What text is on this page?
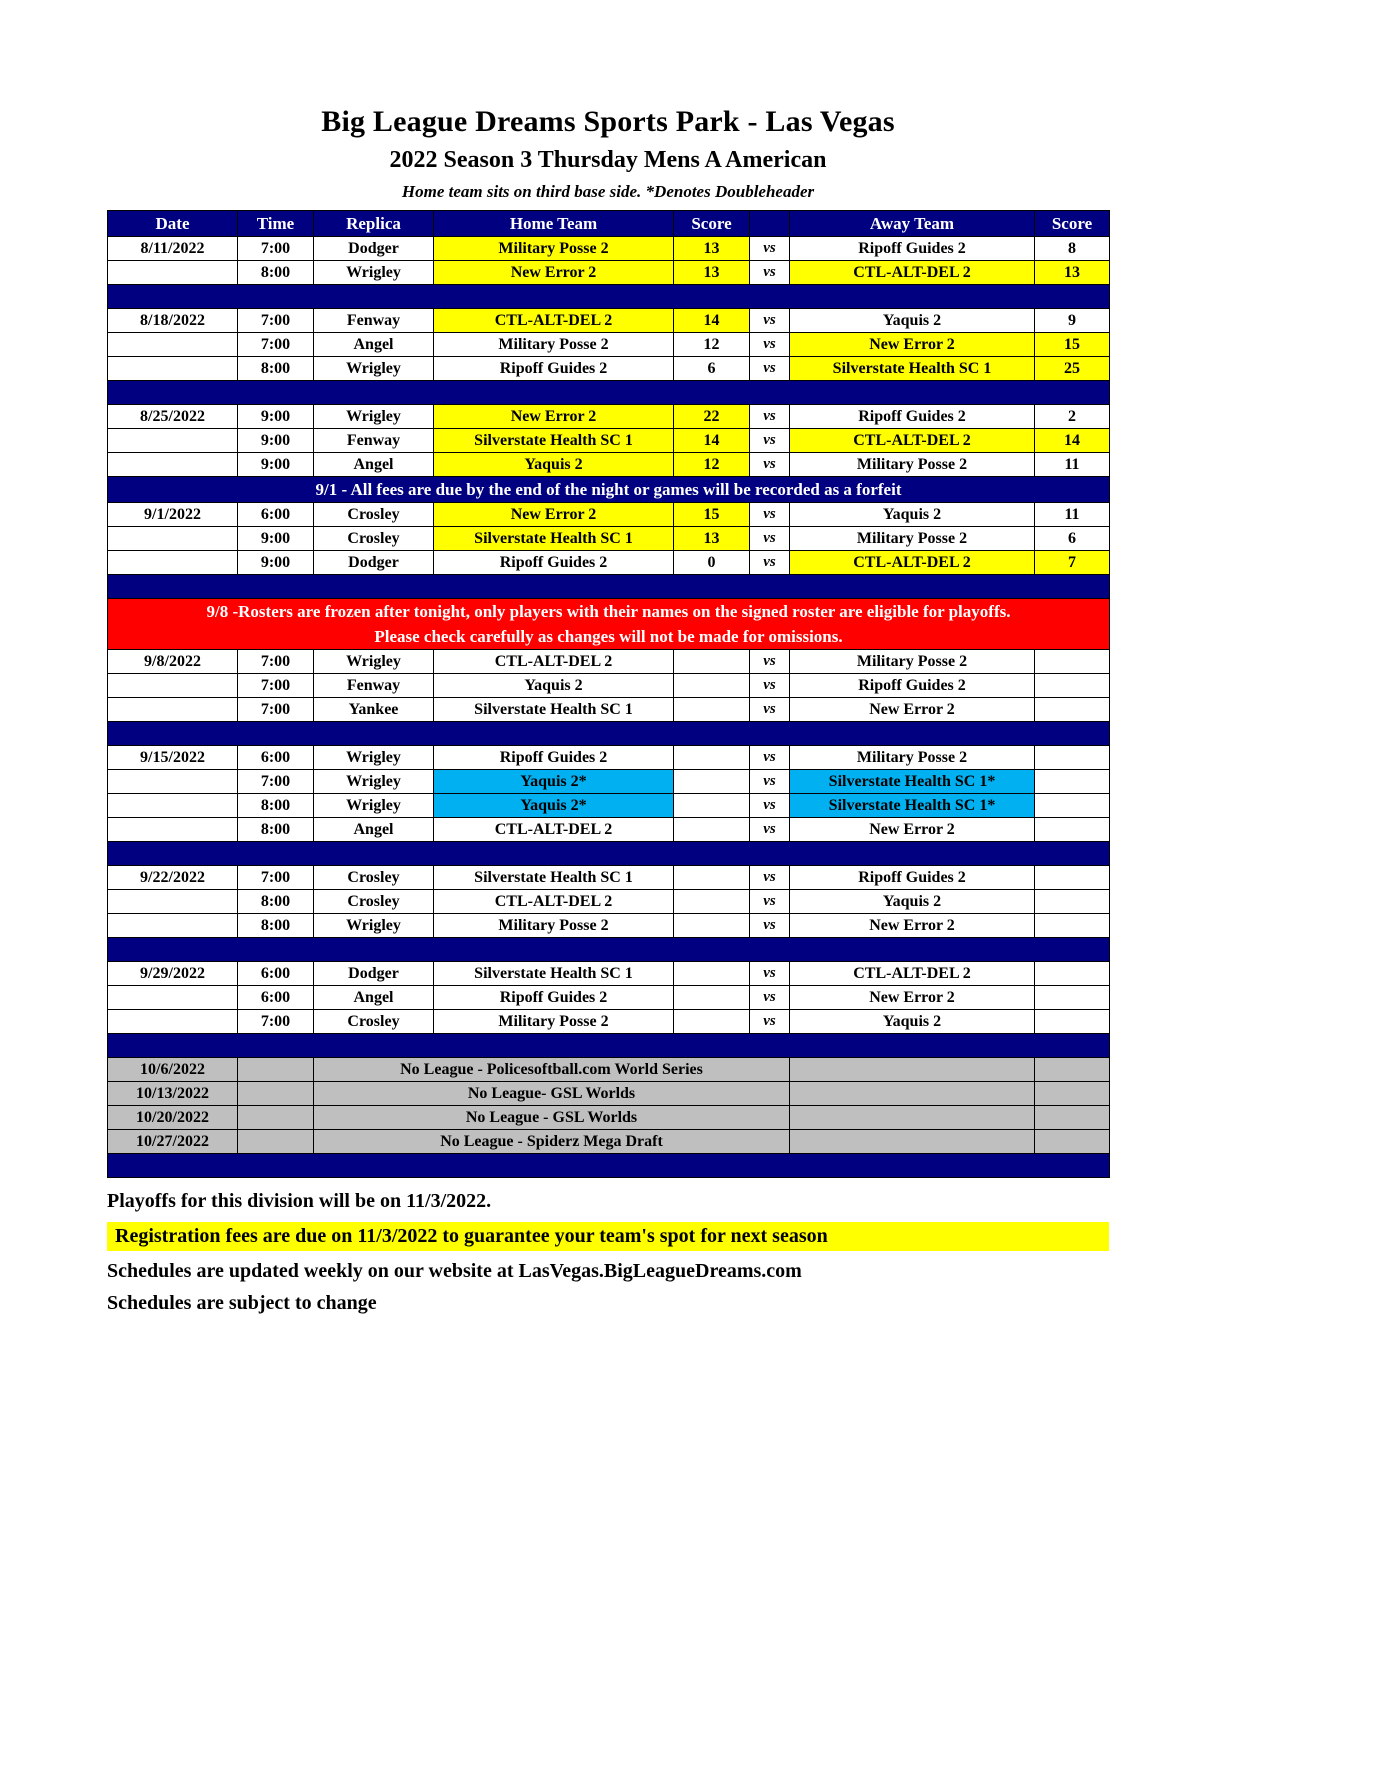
Big League Dreams Sports Park - Las Vegas
2022 Season 3 Thursday Mens A American
Home team sits on third base side. *Denotes Doubleheader
Date	Time	Replica	Home Team	Score		Away Team	Score
8/11/2022	7:00	Dodger	Military Posse 2	13	vs	Ripoff Guides 2	8
	8:00	Wrigley	New Error 2	13	vs	CTL-ALT-DEL 2	13

8/18/2022	7:00	Fenway	CTL-ALT-DEL 2	14	vs	Yaquis 2	9
	7:00	Angel	Military Posse 2	12	vs	New Error 2	15
	8:00	Wrigley	Ripoff Guides 2	6	vs	Silverstate Health SC 1	25

8/25/2022	9:00	Wrigley	New Error 2	22	vs	Ripoff Guides 2	2
	9:00	Fenway	Silverstate Health SC 1	14	vs	CTL-ALT-DEL 2	14
	9:00	Angel	Yaquis 2	12	vs	Military Posse 2	11

9/1 - All fees are due by the end of the night or games will be recorded as a forfeit							

9/1/2022	6:00	Crosley	New Error 2	15	vs	Yaquis 2	11
	9:00	Crosley	Silverstate Health SC 1	13	vs	Military Posse 2	6
	9:00	Dodger	Ripoff Guides 2	0	vs	CTL-ALT-DEL 2	7

9/8 -Rosters are frozen after tonight, only players with their names on the signed roster are eligible for playoffs.
Please check carefully as changes will not be made for omissions.							

9/8/2022	7:00	Wrigley	CTL-ALT-DEL 2		vs	Military Posse 2	
	7:00	Fenway	Yaquis 2		vs	Ripoff Guides 2	
	7:00	Yankee	Silverstate Health SC 1		vs	New Error 2	

9/15/2022	6:00	Wrigley	Ripoff Guides 2		vs	Military Posse 2	
	7:00	Wrigley	Yaquis 2*		vs	Silverstate Health SC 1*	
	8:00	Wrigley	Yaquis 2*		vs	Silverstate Health SC 1*	
	8:00	Angel	CTL-ALT-DEL 2		vs	New Error 2	

9/22/2022	7:00	Crosley	Silverstate Health SC 1		vs	Ripoff Guides 2	
	8:00	Crosley	CTL-ALT-DEL 2		vs	Yaquis 2	
	8:00	Wrigley	Military Posse 2		vs	New Error 2	

9/29/2022	6:00	Dodger	Silverstate Health SC 1		vs	CTL-ALT-DEL 2	
	6:00	Angel	Ripoff Guides 2		vs	New Error 2	
	7:00	Crosley	Military Posse 2		vs	Yaquis 2	

10/6/2022		No League - Policesoftball.com World Series					
10/13/2022		No League- GSL Worlds					
10/20/2022		No League - GSL Worlds					
10/27/2022		No League - Spiderz Mega Draft					

Playoffs for this division will be on 11/3/2022.
Registration fees are due on 11/3/2022 to guarantee your team's spot for next season
Schedules are updated weekly on our website at LasVegas.BigLeagueDreams.com
Schedules are subject to change
